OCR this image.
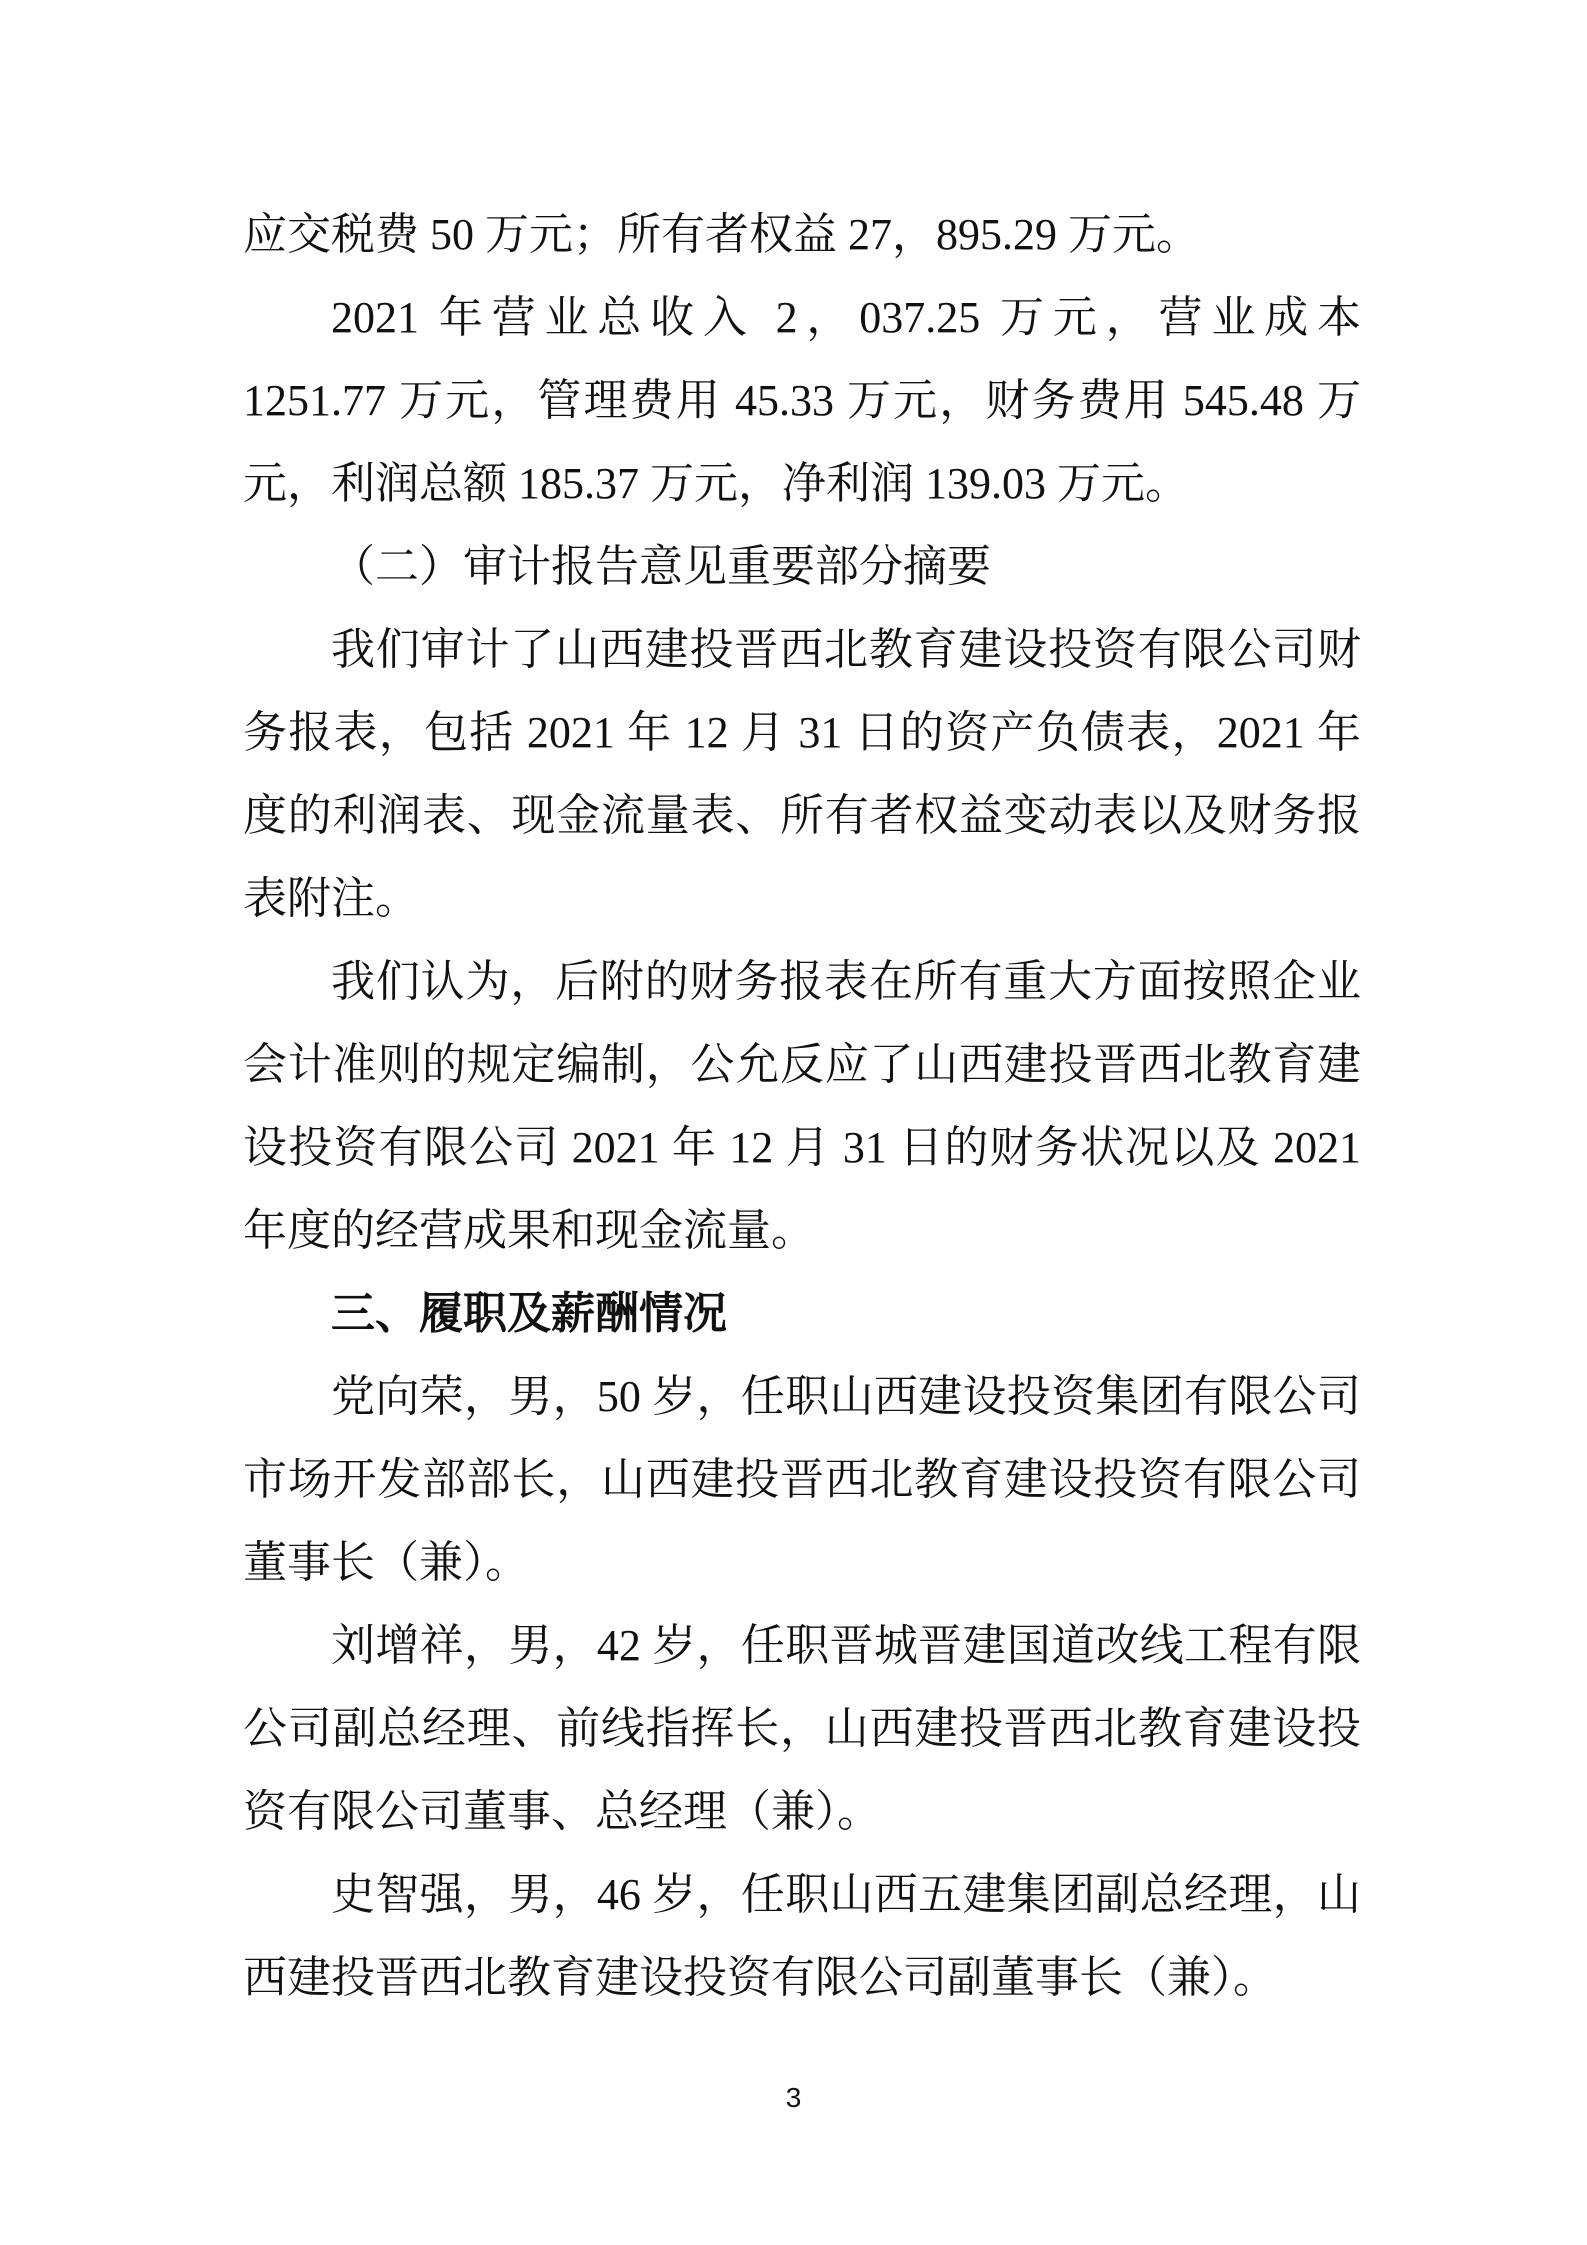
应交税费 50 万元；所有者权益 27，895.29 万元。

2021 年营业总收入 2，037.25 万元，营业成本 1251.77 万元，管理费用 45.33 万元，财务费用 545.48 万元，利润总额 185.37 万元，净利润 139.03 万元。

（二）审计报告意见重要部分摘要

我们审计了山西建投晋西北教育建设投资有限公司财务报表，包括 2021 年 12 月 31 日的资产负债表，2021 年度的利润表、现金流量表、所有者权益变动表以及财务报表附注。

我们认为，后附的财务报表在所有重大方面按照企业会计准则的规定编制，公允反应了山西建投晋西北教育建设投资有限公司 2021 年 12 月 31 日的财务状况以及 2021 年度的经营成果和现金流量。

三、履职及薪酬情况

党向荣，男，50 岁，任职山西建设投资集团有限公司市场开发部部长，山西建投晋西北教育建设投资有限公司董事长（兼）。

刘增祥，男，42 岁，任职晋城晋建国道改线工程有限公司副总经理、前线指挥长，山西建投晋西北教育建设投资有限公司董事、总经理（兼）。

史智强，男，46 岁，任职山西五建集团副总经理，山西建投晋西北教育建设投资有限公司副董事长（兼）。

3
